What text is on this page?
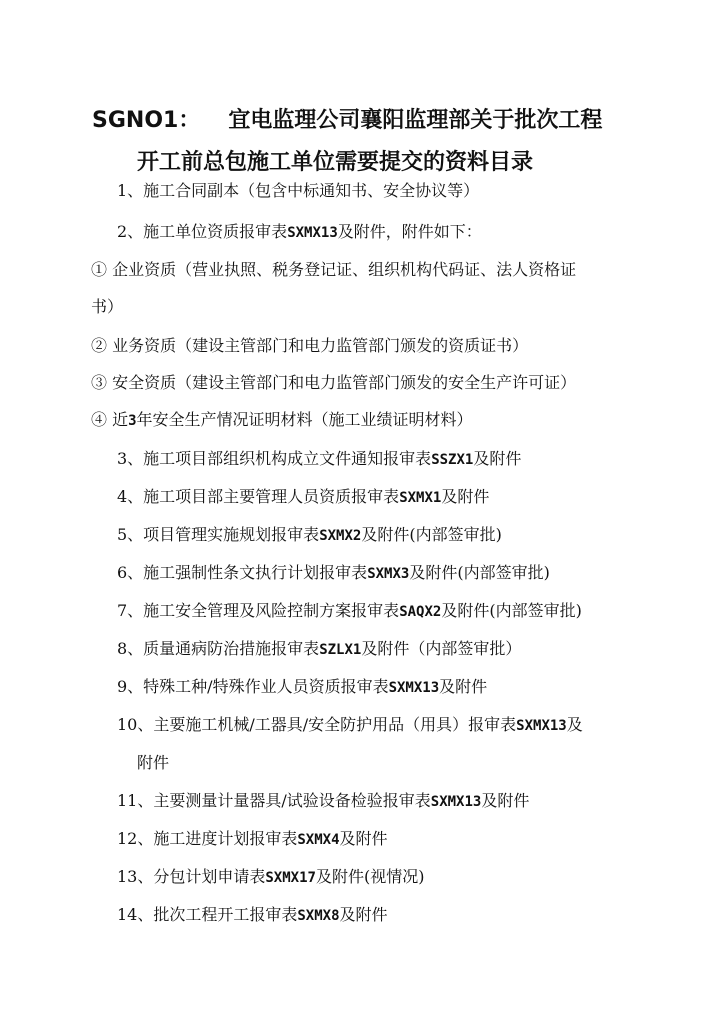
SGNO1： 宜电监理公司襄阳监理部关于批次工程
开工前总包施工单位需要提交的资料目录
1、施工合同副本（包含中标通知书、安全协议等）
2、施工单位资质报审表SXMX13及附件，附件如下：
① 企业资质（营业执照、税务登记证、组织机构代码证、法人资格证
书）
② 业务资质（建设主管部门和电力监管部门颁发的资质证书）
③ 安全资质（建设主管部门和电力监管部门颁发的安全生产许可证）
④ 近3年安全生产情况证明材料（施工业绩证明材料）
3、施工项目部组织机构成立文件通知报审表SSZX1及附件
4、施工项目部主要管理人员资质报审表SXMX1及附件
5、项目管理实施规划报审表SXMX2及附件(内部签审批)
6、施工强制性条文执行计划报审表SXMX3及附件(内部签审批)
7、施工安全管理及风险控制方案报审表SAQX2及附件(内部签审批)
8、质量通病防治措施报审表SZLX1及附件（内部签审批）
9、特殊工种/特殊作业人员资质报审表SXMX13及附件
10、主要施工机械/工器具/安全防护用品（用具）报审表SXMX13及
附件
11、主要测量计量器具/试验设备检验报审表SXMX13及附件
12、施工进度计划报审表SXMX4及附件
13、分包计划申请表SXMX17及附件(视情况)
14、批次工程开工报审表SXMX8及附件
